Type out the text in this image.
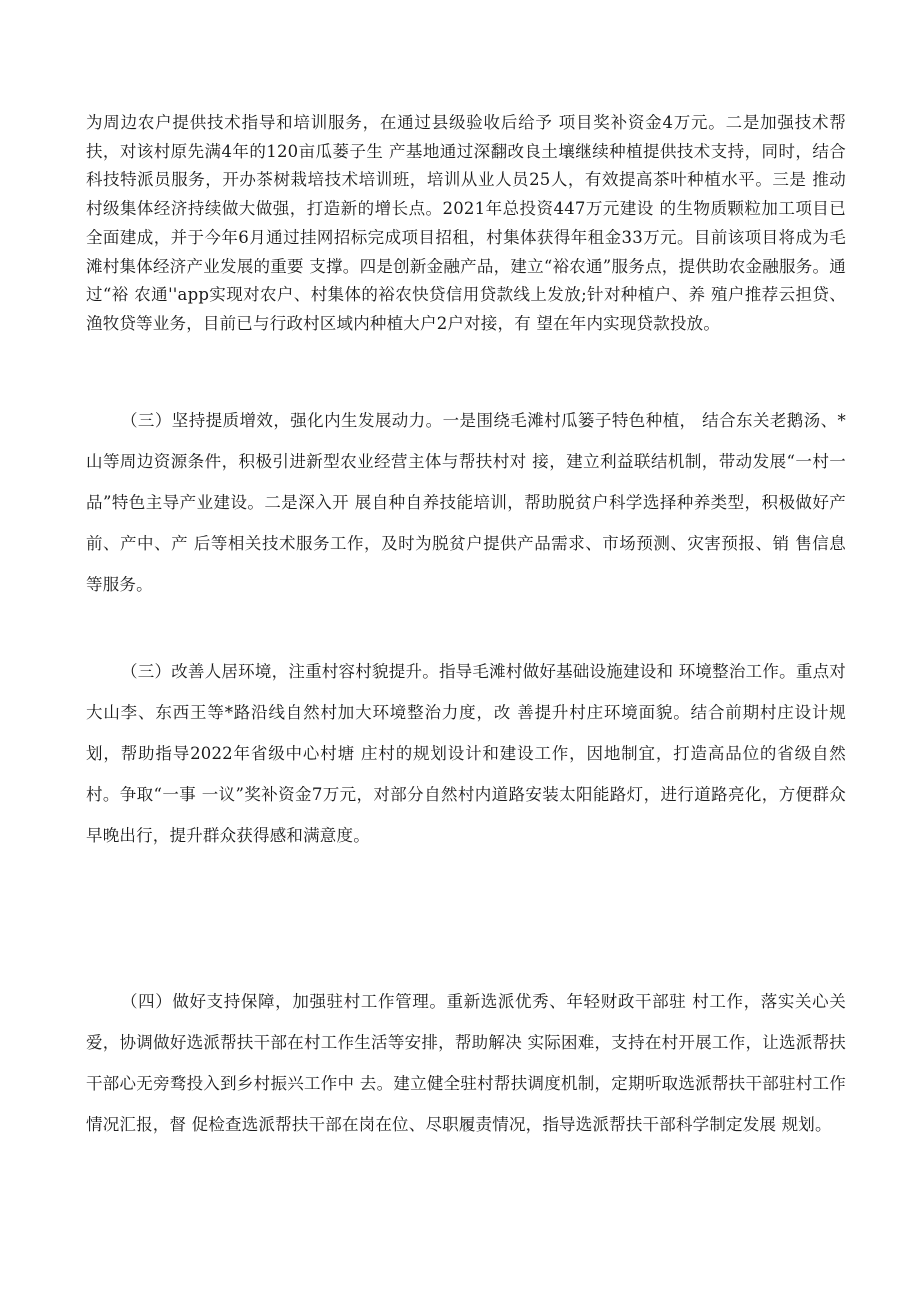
为周边农户提供技术指导和培训服务，在通过县级验收后给予 项目奖补资金4万元。二是加强技术帮扶，对该村原先满4年的120亩瓜蒌子生 产基地通过深翻改良土壤继续种植提供技术支持，同时，结合科技特派员服务，开办茶树栽培技术培训班，培训从业人员25人，有效提高茶叶种植水平。三是 推动村级集体经济持续做大做强，打造新的增长点。2021年总投资447万元建设 的生物质颗粒加工项目已全面建成，并于今年6月通过挂网招标完成项目招租，村集体获得年租金33万元。目前该项目将成为毛滩村集体经济产业发展的重要 支撑。四是创新金融产品，建立“裕农通”服务点，提供助农金融服务。通过“裕 农通''app实现对农户、村集体的裕农快贷信用贷款线上发放;针对种植户、养 殖户推荐云担贷、渔牧贷等业务，目前已与行政村区域内种植大户2户对接，有 望在年内实现贷款投放。

（三）坚持提质增效，强化内生发展动力。一是围绕毛滩村瓜篓子特色种植， 结合东关老鹅汤、*山等周边资源条件，积极引进新型农业经营主体与帮扶村对 接，建立利益联结机制，带动发展“一村一品”特色主导产业建设。二是深入开 展自种自养技能培训，帮助脱贫户科学选择种养类型，积极做好产前、产中、产 后等相关技术服务工作，及时为脱贫户提供产品需求、市场预测、灾害预报、销 售信息等服务。

（三）改善人居环境，注重村容村貌提升。指导毛滩村做好基础设施建设和 环境整治工作。重点对大山李、东西王等*路沿线自然村加大环境整治力度，改 善提升村庄环境面貌。结合前期村庄设计规划，帮助指导2022年省级中心村塘 庄村的规划设计和建设工作，因地制宜，打造高品位的省级自然村。争取“一事 一议”奖补资金7万元，对部分自然村内道路安装太阳能路灯，进行道路亮化，方便群众早晚出行，提升群众获得感和满意度。

（四）做好支持保障，加强驻村工作管理。重新选派优秀、年轻财政干部驻 村工作，落实关心关爱，协调做好选派帮扶干部在村工作生活等安排，帮助解决 实际困难，支持在村开展工作，让选派帮扶干部心无旁骛投入到乡村振兴工作中 去。建立健全驻村帮扶调度机制，定期听取选派帮扶干部驻村工作情况汇报，督 促检查选派帮扶干部在岗在位、尽职履责情况，指导选派帮扶干部科学制定发展 规划。
